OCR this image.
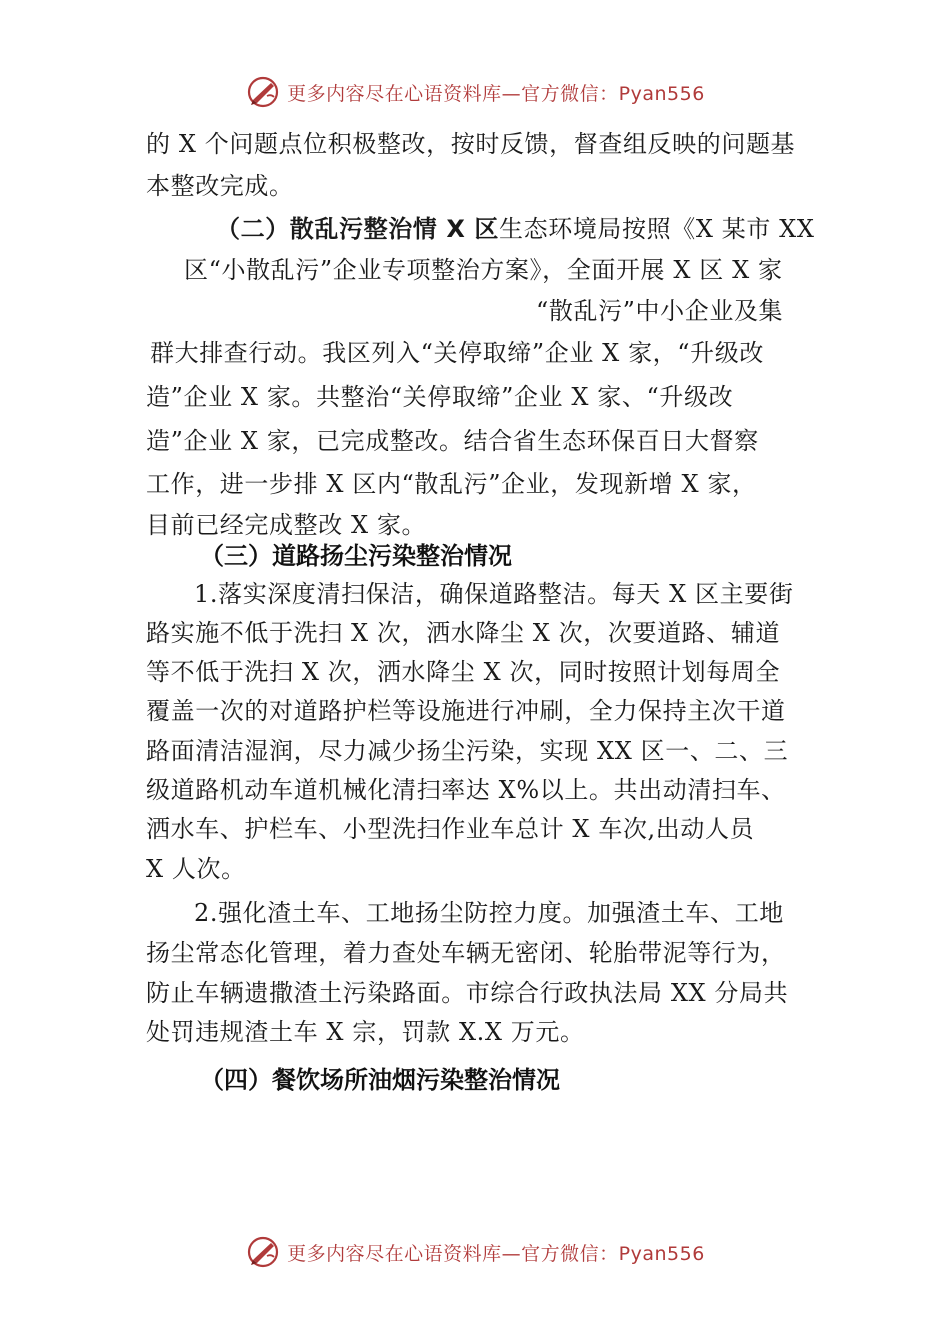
更多内容尽在心语资料库—官方微信：Pyan556
的 X 个问题点位积极整改，按时反馈，督查组反映的问题基
本整改完成。
（二）散乱污整治情 X 区生态环境局按照《X 某市 XX
区“小散乱污”企业专项整治方案》，全面开展 X 区 X 家
“散乱污”中小企业及集
群大排查行动。我区列入“关停取缔”企业 X 家，“升级改
造”企业 X 家。共整治“关停取缔”企业 X 家、“升级改
造”企业 X 家，已完成整改。结合省生态环保百日大督察
工作，进一步排 X 区内“散乱污”企业，发现新增 X 家，
目前已经完成整改 X 家。
（三）道路扬尘污染整治情况
1.落实深度清扫保洁，确保道路整洁。每天 X 区主要街
路实施不低于洗扫 X 次，洒水降尘 X 次，次要道路、辅道
等不低于洗扫 X 次，洒水降尘 X 次，同时按照计划每周全
覆盖一次的对道路护栏等设施进行冲刷，全力保持主次干道
路面清洁湿润，尽力减少扬尘污染，实现 XX 区一、二、三
级道路机动车道机械化清扫率达 X%以上。共出动清扫车、
洒水车、护栏车、小型洗扫作业车总计 X 车次,出动人员
X 人次。
2.强化渣土车、工地扬尘防控力度。加强渣土车、工地
扬尘常态化管理，着力查处车辆无密闭、轮胎带泥等行为，
防止车辆遗撒渣土污染路面。市综合行政执法局 XX 分局共
处罚违规渣土车 X 宗，罚款 X.X 万元。
（四）餐饮场所油烟污染整治情况
更多内容尽在心语资料库—官方微信：Pyan556
